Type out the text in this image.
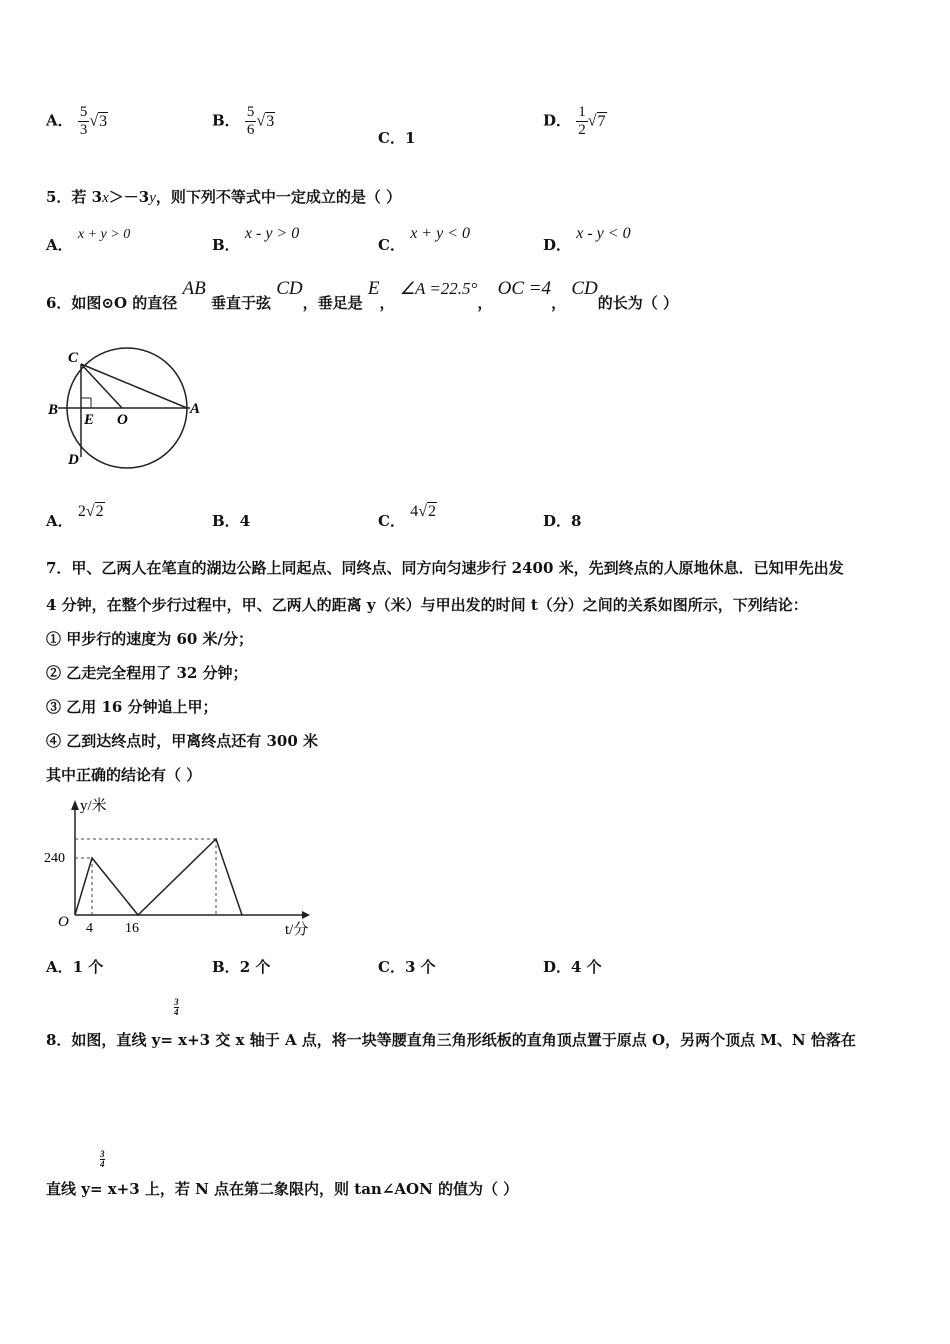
A． $\frac{5}{3} √3$	B． $\frac{5}{6} √3$
C．1
D． $\frac{1}{2} √7$
5．若 3x＞－3y，则下列不等式中一定成立的是（ ）
A． x + y > 0
B． x - y > 0
C． x + y < 0
D． x - y < 0
6．如图⊙O 的直径 AB 垂直于弦 CD，垂足是 E， ∠A =22.5°， OC =4， CD的长为（ ）
C
B
E O
A
D
A． 2√2
B．4	C． 4√2
D．8
7．甲、乙两人在笔直的湖边公路上同起点、同终点、同方向匀速步行 2400 米，先到终点的人原地休息．已知甲先出发
4 分钟，在整个步行过程中，甲、乙两人的距离 y（米）与甲出发的时间 t（分）之间的关系如图所示，下列结论：
① 甲步行的速度为 60 米/分；
② 乙走完全程用了 32 分钟；
③ 乙用 16 分钟追上甲；
④ 乙到达终点时，甲离终点还有 300 米
其中正确的结论有（ ）
y/米
t/分
O
240
4 16
A．1 个	B．2 个	C．3 个	D．4 个
3
4
8．如图，直线 y= x+3 交 x 轴于 A 点，将一块等腰直角三角形纸板的直角顶点置于原点 O，另两个顶点 M、N 恰落在
3
4
直线 y= x+3 上，若 N 点在第二象限内，则 tan∠AON 的值为（ ）
